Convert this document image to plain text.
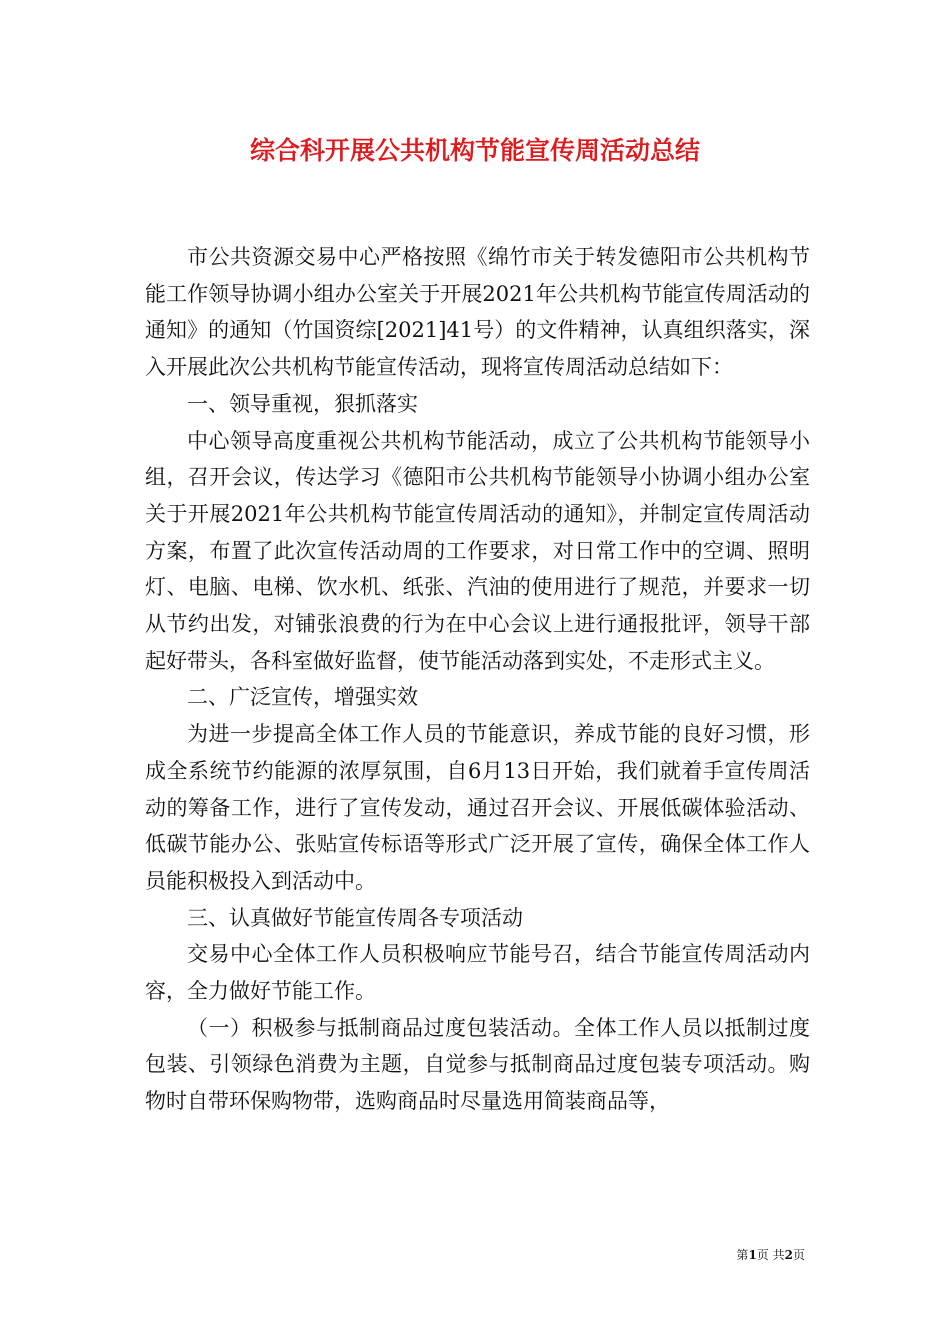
综合科开展公共机构节能宣传周活动总结

市公共资源交易中心严格按照《绵竹市关于转发德阳市公共机构节能工作领导协调小组办公室关于开展2021年公共机构节能宣传周活动的通知》的通知（竹国资综[2021]41号）的文件精神，认真组织落实，深入开展此次公共机构节能宣传活动，现将宣传周活动总结如下：

一、领导重视，狠抓落实

中心领导高度重视公共机构节能活动，成立了公共机构节能领导小组，召开会议，传达学习《德阳市公共机构节能领导小协调小组办公室关于开展2021年公共机构节能宣传周活动的通知》，并制定宣传周活动方案，布置了此次宣传活动周的工作要求，对日常工作中的空调、照明灯、电脑、电梯、饮水机、纸张、汽油的使用进行了规范，并要求一切从节约出发，对铺张浪费的行为在中心会议上进行通报批评，领导干部起好带头，各科室做好监督，使节能活动落到实处，不走形式主义。

二、广泛宣传，增强实效

为进一步提高全体工作人员的节能意识，养成节能的良好习惯，形成全系统节约能源的浓厚氛围，自6月13日开始，我们就着手宣传周活动的筹备工作，进行了宣传发动，通过召开会议、开展低碳体验活动、低碳节能办公、张贴宣传标语等形式广泛开展了宣传，确保全体工作人员能积极投入到活动中。

三、认真做好节能宣传周各专项活动

交易中心全体工作人员积极响应节能号召，结合节能宣传周活动内容，全力做好节能工作。

（一）积极参与抵制商品过度包装活动。全体工作人员以抵制过度包装、引领绿色消费为主题，自觉参与抵制商品过度包装专项活动。购物时自带环保购物带，选购商品时尽量选用简装商品等，

第1页 共2页
